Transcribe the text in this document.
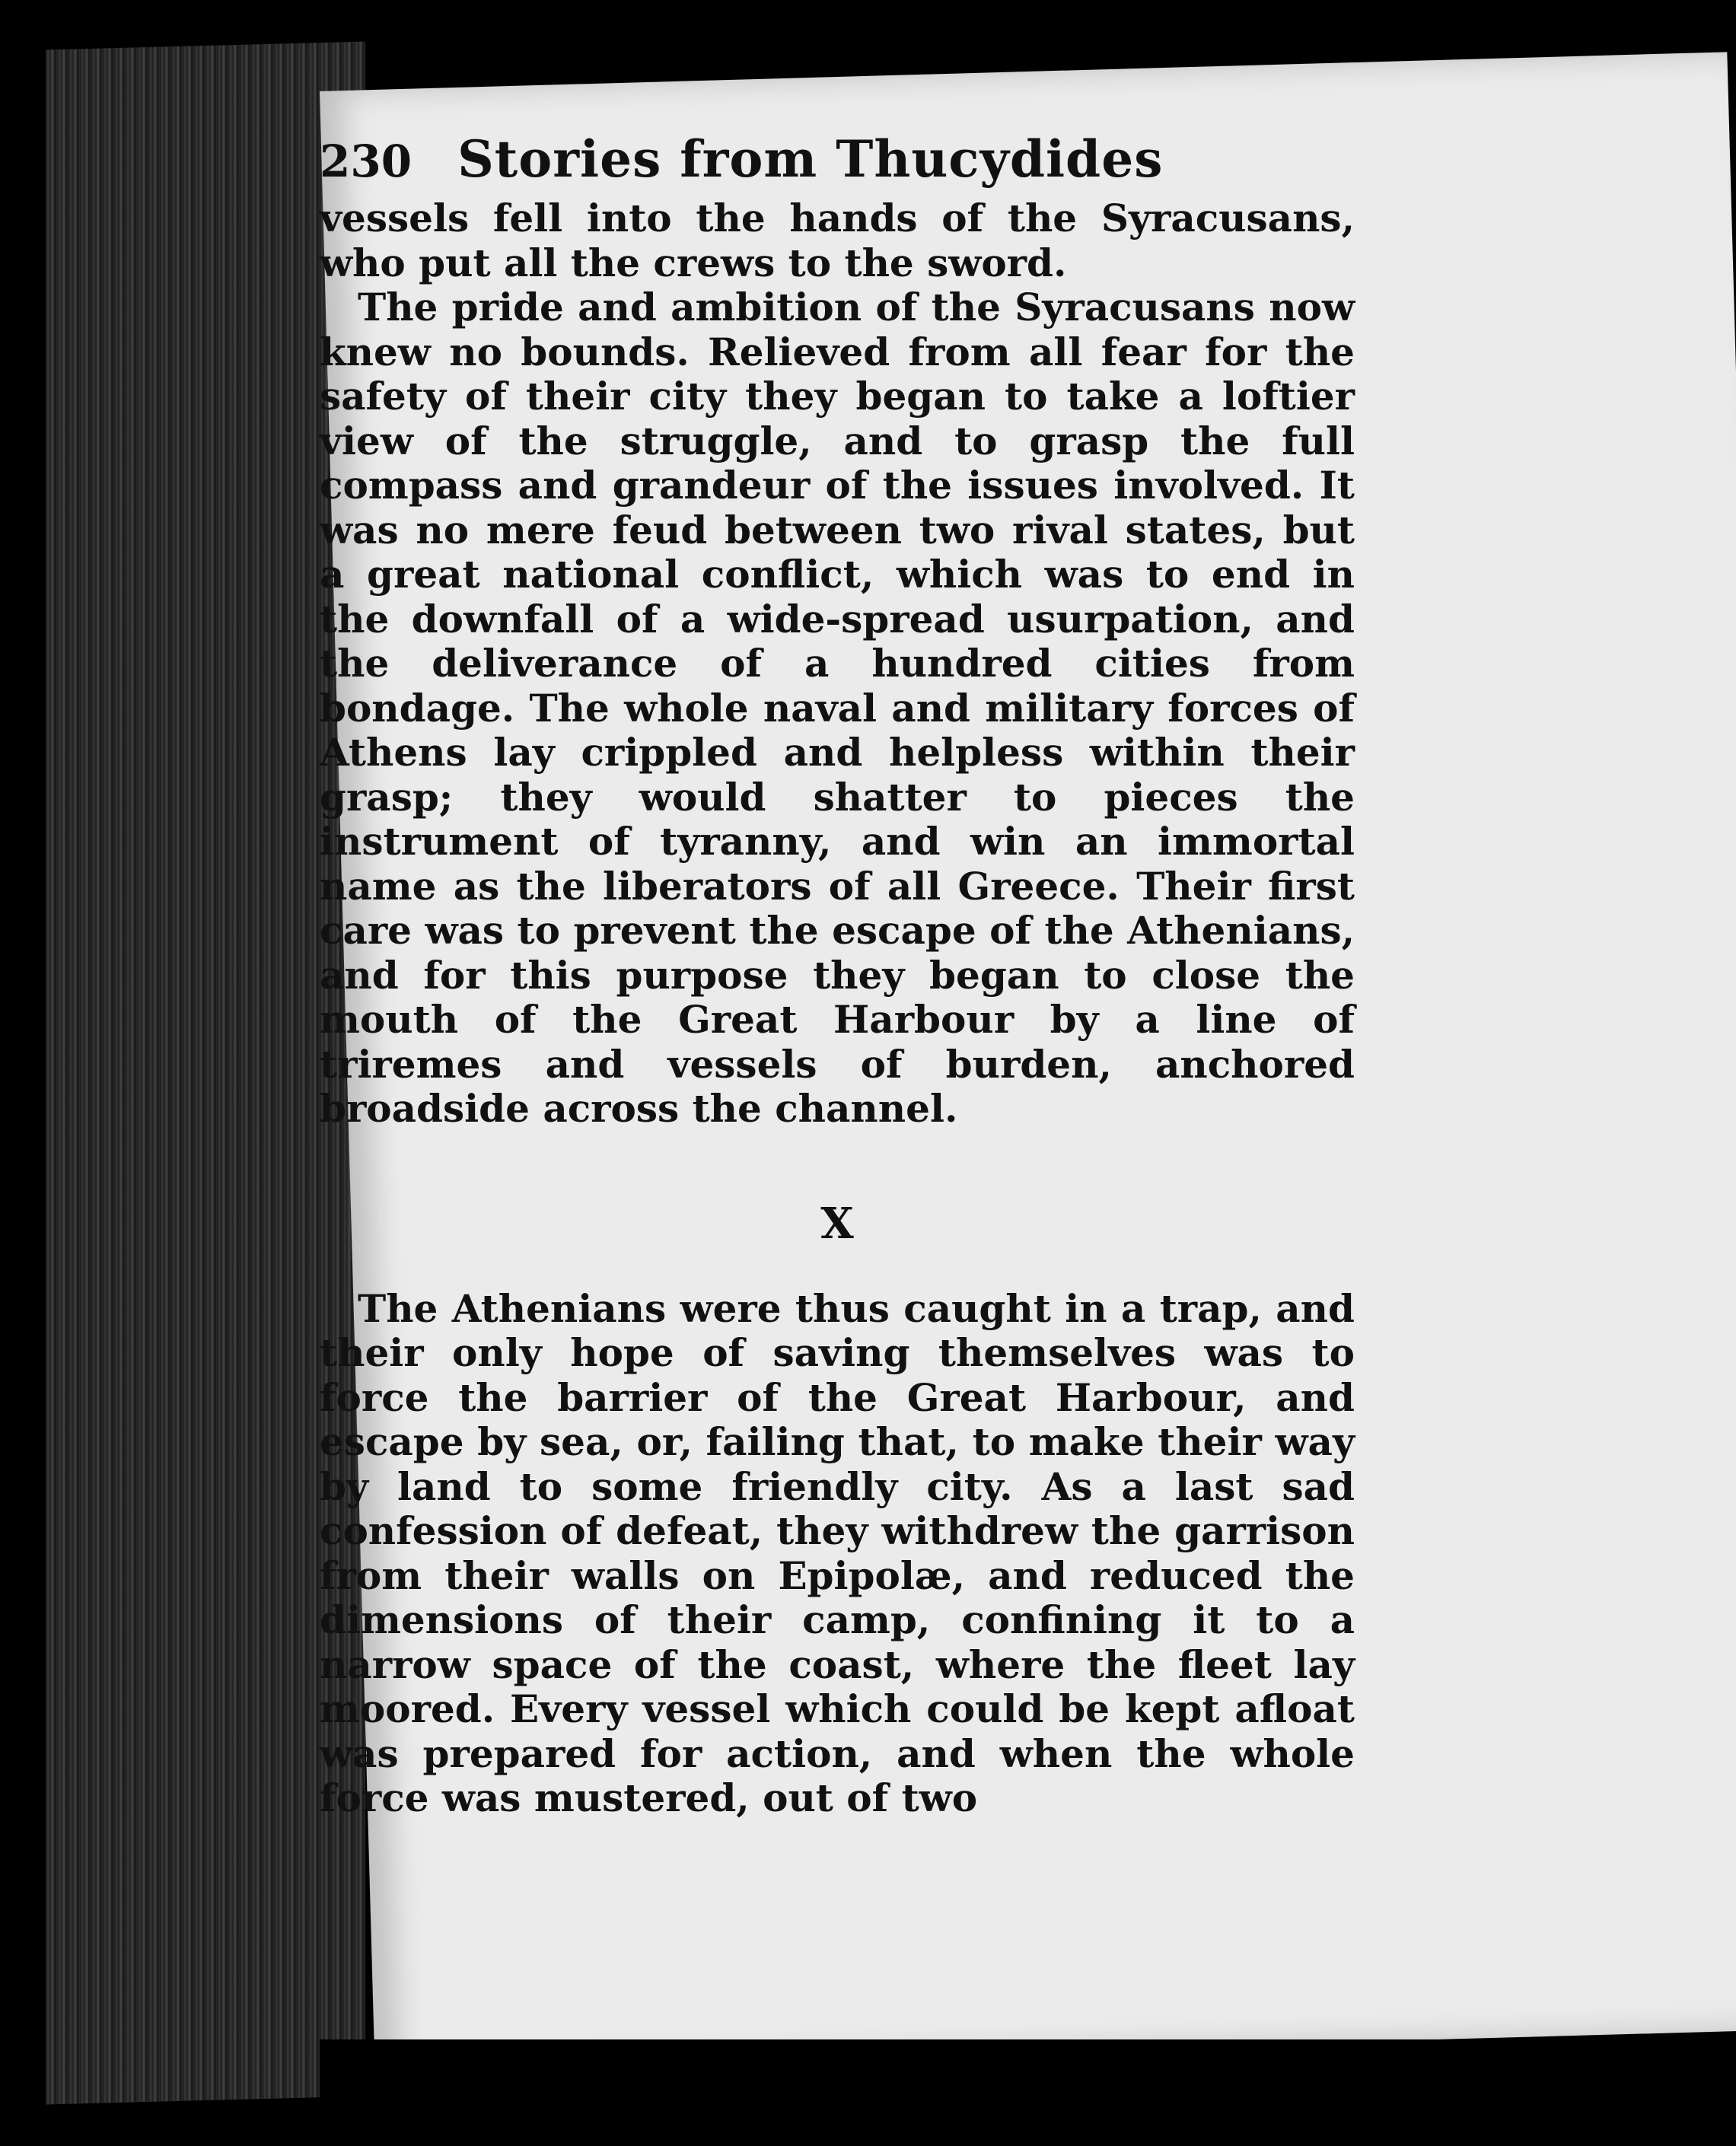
230 Stories from Thucydides

vessels fell into the hands of the Syracusans, who put all the crews to the sword.

The pride and ambition of the Syracusans now knew no bounds. Relieved from all fear for the safety of their city they began to take a loftier view of the struggle, and to grasp the full compass and grandeur of the issues involved. It was no mere feud between two rival states, but a great national conflict, which was to end in the downfall of a wide-spread usurpation, and the deliverance of a hundred cities from bondage. The whole naval and military forces of Athens lay crippled and helpless within their grasp; they would shatter to pieces the instrument of tyranny, and win an immortal name as the liberators of all Greece. Their first care was to prevent the escape of the Athenians, and for this purpose they began to close the mouth of the Great Harbour by a line of triremes and vessels of burden, anchored broadside across the channel.

X

The Athenians were thus caught in a trap, and their only hope of saving themselves was to force the barrier of the Great Harbour, and escape by sea, or, failing that, to make their way by land to some friendly city. As a last sad confession of defeat, they withdrew the garrison from their walls on Epipolæ, and reduced the dimensions of their camp, confining it to a narrow space of the coast, where the fleet lay moored. Every vessel which could be kept afloat was prepared for action, and when the whole force was mustered, out of two
